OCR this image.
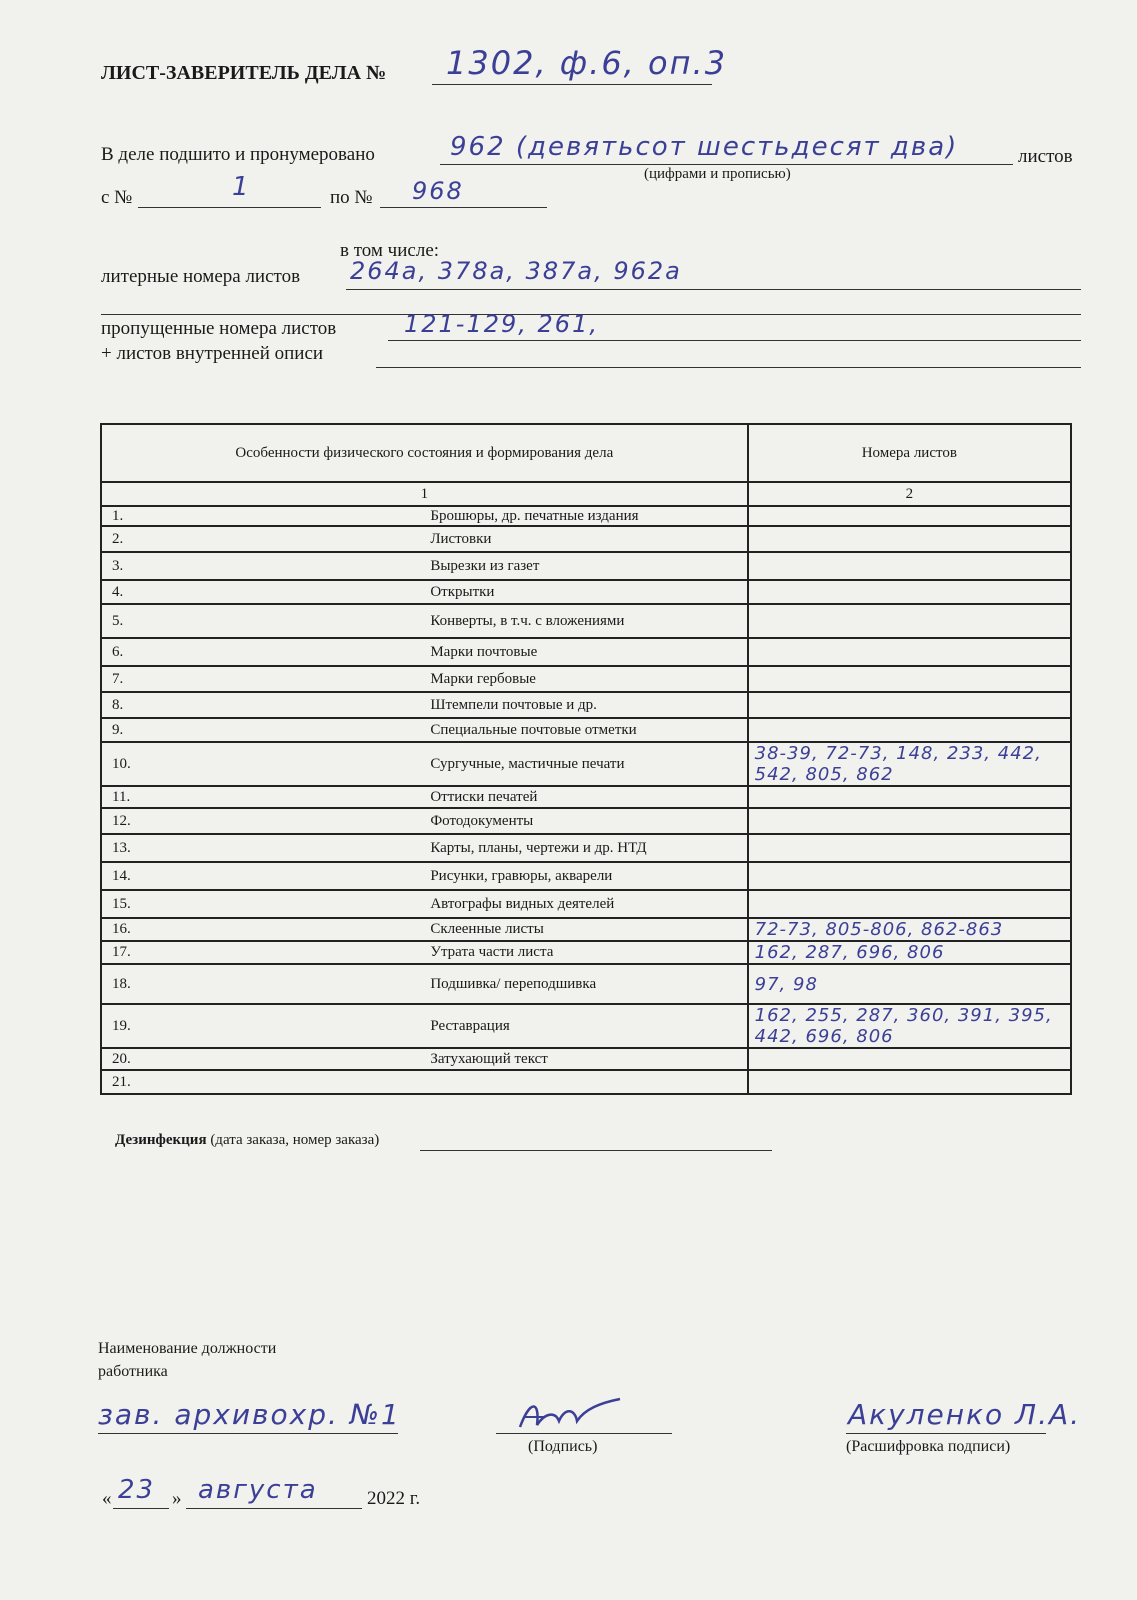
ЛИСТ-ЗАВЕРИТЕЛЬ ДЕЛА № 1302, ф.6, оп.3
В деле подшито и пронумеровано	962 (девятьсот шестьдесят два)	листов
(цифрами и прописью)
с №	1	по № 968
в том числе:
литерные номера листов 264а, 378а, 387а, 962а
пропущенные номера листов	121-129, 261,
+ листов внутренней описи
Особенности физического состояния и формирования дела		Номера листов
1		2
1.	Брошюры, др. печатные издания	
2.	Листовки	
3.	Вырезки из газет	
4.	Открытки	
5.	Конверты, в т.ч. с вложениями	
6.	Марки почтовые	
7.	Марки гербовые	
8.	Штемпели почтовые и др.	
9.	Специальные почтовые отметки	
10.	Сургучные, мастичные печати	38-39, 72-73, 148, 233, 442, 542, 805, 862
11.	Оттиски печатей	
12.	Фотодокументы	
13.	Карты, планы, чертежи и др. НТД	
14.	Рисунки, гравюры, акварели	
15.	Автографы видных деятелей	
16.	Склеенные листы	72-73, 805-806, 862-863
17.	Утрата части листа	162, 287, 696, 806
18.	Подшивка/ переподшивка	97, 98
19.	Реставрация	162, 255, 287, 360, 391, 395, 442, 696, 806
20.	Затухающий текст	
21.		
Дезинфекция (дата заказа, номер заказа)
Наименование должности
работника
зав. архивохр. №1
(Подпись)
Акуленко Л.А.
(Расшифровка подписи)
« 23 » августа	2022 г.
